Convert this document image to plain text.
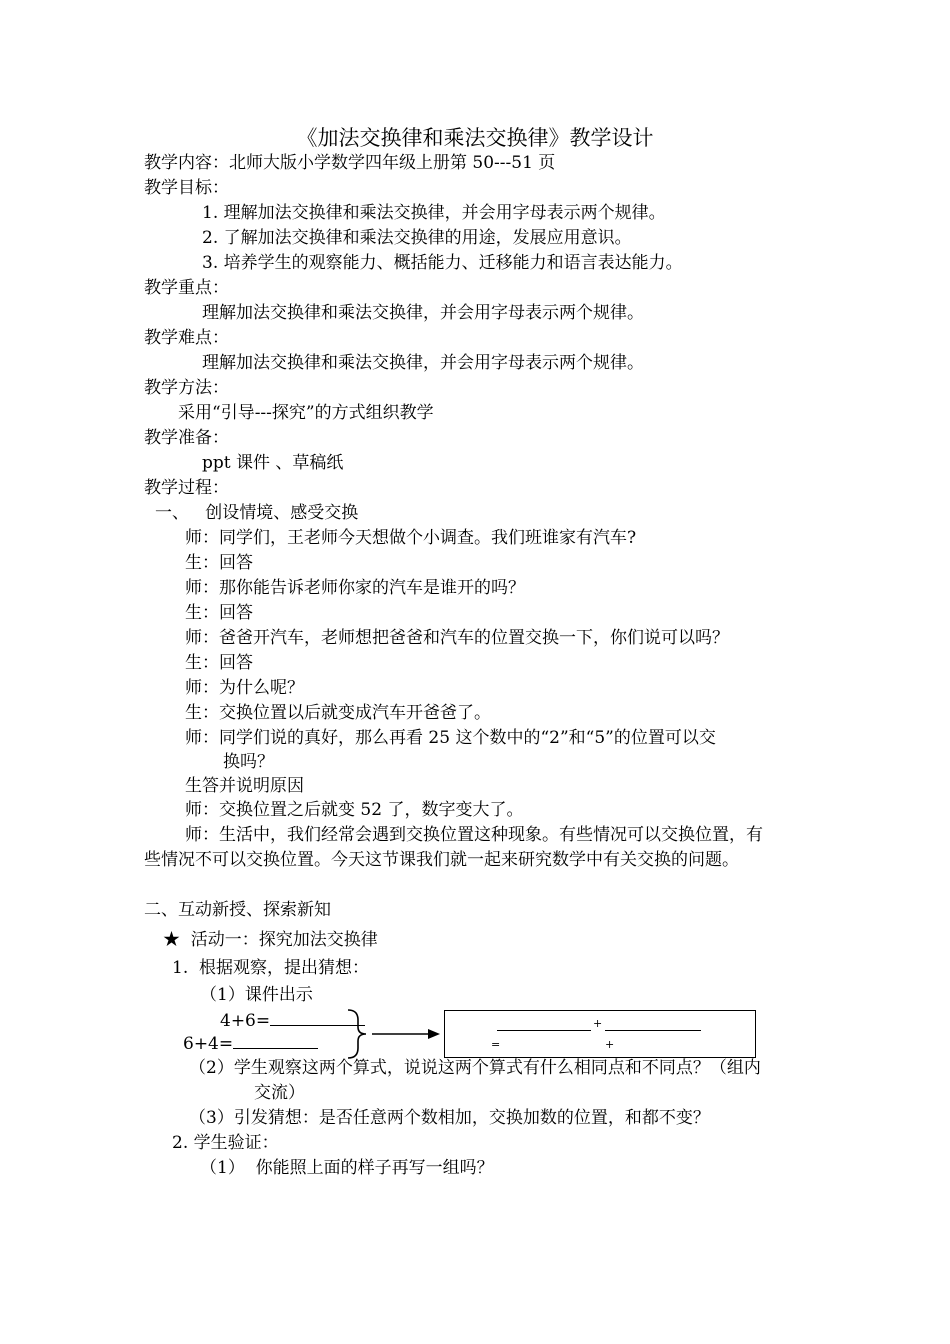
《加法交换律和乘法交换律》教学设计
教学内容：北师大版小学数学四年级上册第 50---51 页
教学目标：
1. 理解加法交换律和乘法交换律，并会用字母表示两个规律。
2. 了解加法交换律和乘法交换律的用途，发展应用意识。
3. 培养学生的观察能力、概括能力、迁移能力和语言表达能力。
教学重点：
理解加法交换律和乘法交换律，并会用字母表示两个规律。
教学难点：
理解加法交换律和乘法交换律，并会用字母表示两个规律。
教学方法：
采用“引导---探究”的方式组织教学
教学准备：
ppt 课件 、草稿纸
教学过程：
一、   创设情境、感受交换
师：同学们，王老师今天想做个小调查。我们班谁家有汽车?
生：回答
师：那你能告诉老师你家的汽车是谁开的吗？
生：回答
师：爸爸开汽车，老师想把爸爸和汽车的位置交换一下，你们说可以吗？
生：回答
师：为什么呢？
生：交换位置以后就变成汽车开爸爸了。
师：同学们说的真好，那么再看 25 这个数中的“2”和“5”的位置可以交
换吗？
生答并说明原因
师：交换位置之后就变 52 了，数字变大了。
师：生活中，我们经常会遇到交换位置这种现象。有些情况可以交换位置，有
些情况不可以交换位置。今天这节课我们就一起来研究数学中有关交换的问题。
二、互动新授、探索新知
★  活动一：探究加法交换律
1.  根据观察，提出猜想：
（1）课件出示
4+6=
6+4=
+
=	+
（2）学生观察这两个算式，说说这两个算式有什么相同点和不同点？（组内
交流）
（3）引发猜想：是否任意两个数相加，交换加数的位置，和都不变？
2. 学生验证：
（1）  你能照上面的样子再写一组吗？
